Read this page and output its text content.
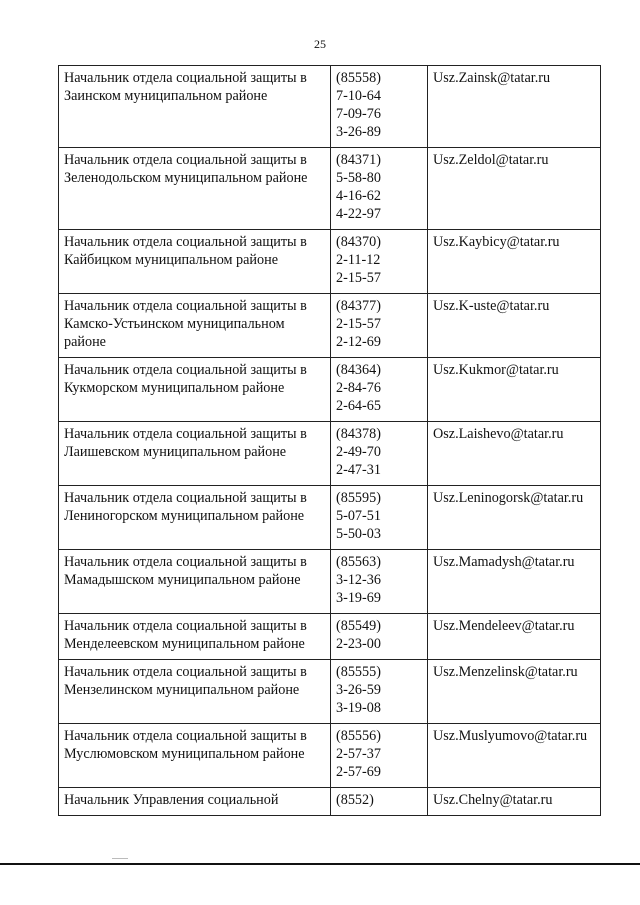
25
Начальник отдела социальной защиты в Заинском муниципальном районе	(85558)
7-10-64
7-09-76
3-26-89	Usz.Zainsk@tatar.ru
Начальник отдела социальной защиты в Зеленодольском муниципальном районе	(84371)
5-58-80
4-16-62
4-22-97	Usz.Zeldol@tatar.ru
Начальник отдела социальной защиты в Кайбицком муниципальном районе	(84370)
2-11-12
2-15-57	Usz.Kaybicy@tatar.ru
Начальник отдела социальной защиты в Камско-Устьинском муниципальном районе	(84377)
2-15-57
2-12-69	Usz.K-uste@tatar.ru
Начальник отдела социальной защиты в Кукморском муниципальном районе	(84364)
2-84-76
2-64-65	Usz.Kukmor@tatar.ru
Начальник отдела социальной защиты в Лаишевском муниципальном районе	(84378)
2-49-70
2-47-31	Osz.Laishevo@tatar.ru
Начальник отдела социальной защиты в Лениногорском муниципальном районе	(85595)
5-07-51
5-50-03	Usz.Leninogorsk@tatar.ru
Начальник отдела социальной защиты в Мамадышском муниципальном районе	(85563)
3-12-36
3-19-69	Usz.Mamadysh@tatar.ru
Начальник отдела социальной защиты в Менделеевском муниципальном районе	(85549)
2-23-00	Usz.Mendeleev@tatar.ru
Начальник отдела социальной защиты в Мензелинском муниципальном районе	(85555)
3-26-59
3-19-08	Usz.Menzelinsk@tatar.ru
Начальник отдела социальной защиты в Муслюмовском муниципальном районе	(85556)
2-57-37
2-57-69	Usz.Muslyumovo@tatar.ru
Начальник Управления социальной	(8552)	Usz.Chelny@tatar.ru
